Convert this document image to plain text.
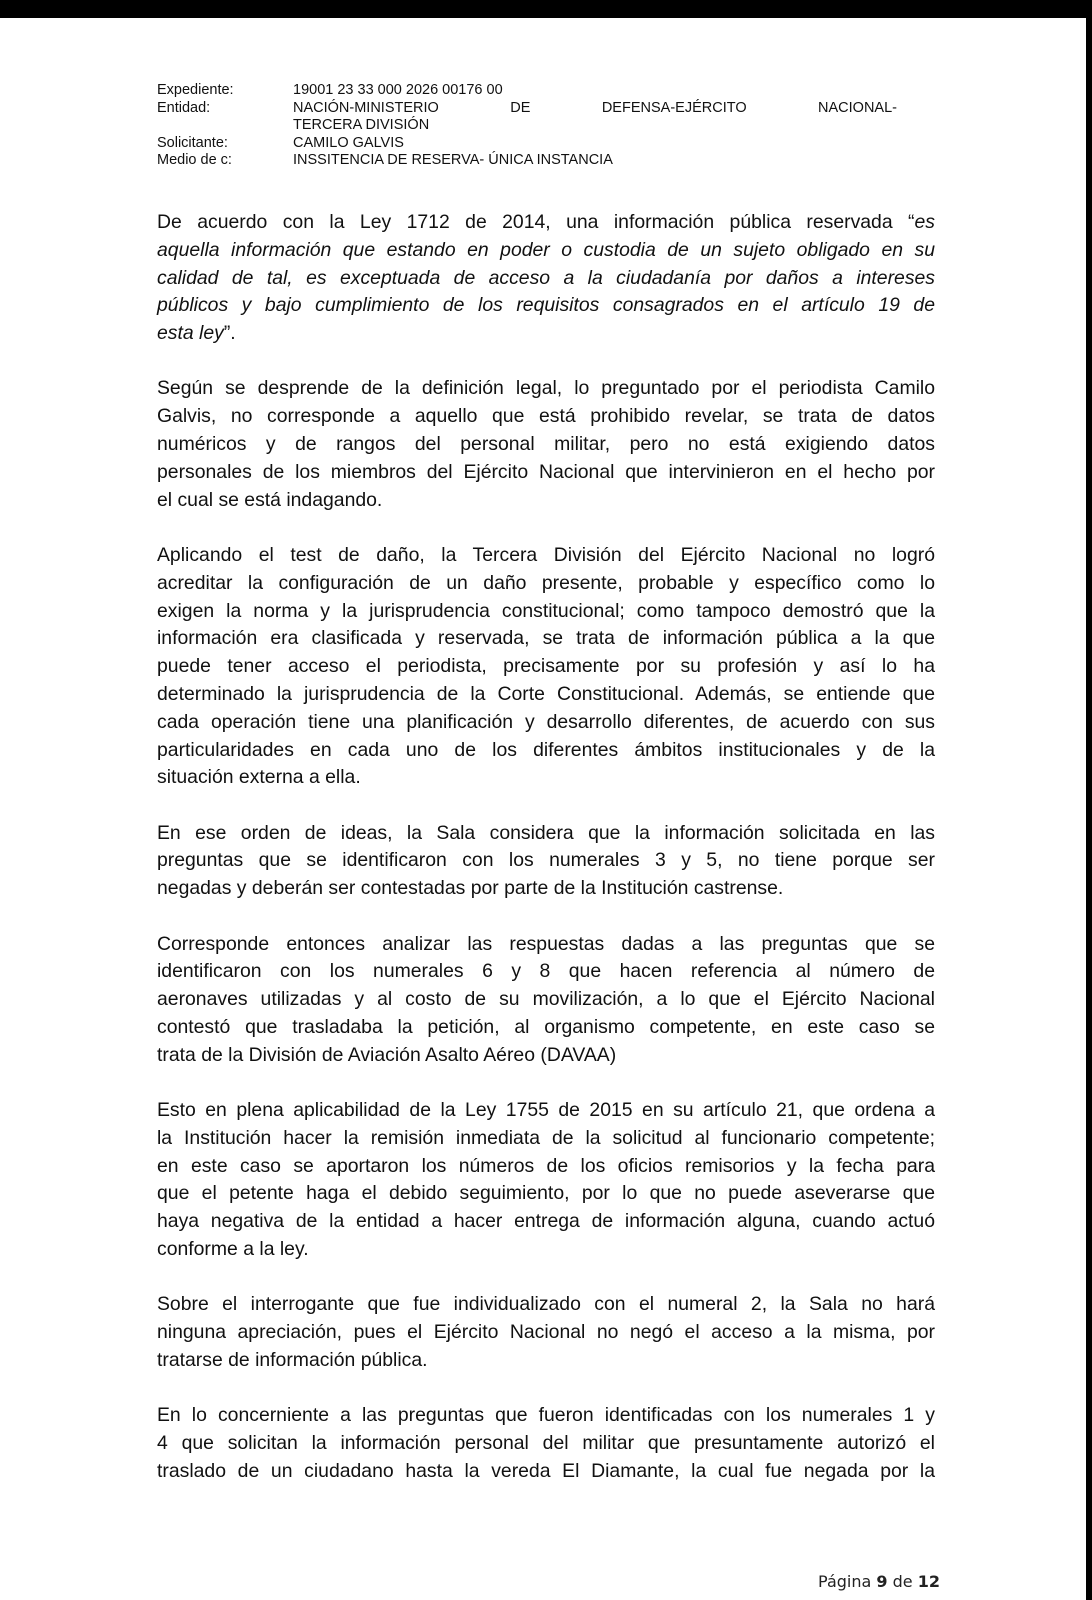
Expediente:	19001 23 33 000 2026 00176 00
Entidad:	NACIÓN-MINISTERIO DE DEFENSA-EJÉRCITO NACIONAL-
TERCERA DIVISIÓN
Solicitante:	CAMILO GALVIS
Medio de c:	INSSITENCIA DE RESERVA- ÚNICA INSTANCIA

De acuerdo con la Ley 1712 de 2014, una información pública reservada “es
aquella información que estando en poder o custodia de un sujeto obligado en su
calidad de tal, es exceptuada de acceso a la ciudadanía por daños a intereses
públicos y bajo cumplimiento de los requisitos consagrados en el artículo 19 de
esta ley”.

Según se desprende de la definición legal, lo preguntado por el periodista Camilo
Galvis, no corresponde a aquello que está prohibido revelar, se trata de datos
numéricos y de rangos del personal militar, pero no está exigiendo datos
personales de los miembros del Ejército Nacional que intervinieron en el hecho por
el cual se está indagando.

Aplicando el test de daño, la Tercera División del Ejército Nacional no logró
acreditar la configuración de un daño presente, probable y específico como lo
exigen la norma y la jurisprudencia constitucional; como tampoco demostró que la
información era clasificada y reservada, se trata de información pública a la que
puede tener acceso el periodista, precisamente por su profesión y así lo ha
determinado la jurisprudencia de la Corte Constitucional. Además, se entiende que
cada operación tiene una planificación y desarrollo diferentes, de acuerdo con sus
particularidades en cada uno de los diferentes ámbitos institucionales y de la
situación externa a ella.

En ese orden de ideas, la Sala considera que la información solicitada en las
preguntas que se identificaron con los numerales 3 y 5, no tiene porque ser
negadas y deberán ser contestadas por parte de la Institución castrense.

Corresponde entonces analizar las respuestas dadas a las preguntas que se
identificaron con los numerales 6 y 8 que hacen referencia al número de
aeronaves utilizadas y al costo de su movilización, a lo que el Ejército Nacional
contestó que trasladaba la petición, al organismo competente, en este caso se
trata de la División de Aviación Asalto Aéreo (DAVAA)

Esto en plena aplicabilidad de la Ley 1755 de 2015 en su artículo 21, que ordena a
la Institución hacer la remisión inmediata de la solicitud al funcionario competente;
en este caso se aportaron los números de los oficios remisorios y la fecha para
que el petente haga el debido seguimiento, por lo que no puede aseverarse que
haya negativa de la entidad a hacer entrega de información alguna, cuando actuó
conforme a la ley.

Sobre el interrogante que fue individualizado con el numeral 2, la Sala no hará
ninguna apreciación, pues el Ejército Nacional no negó el acceso a la misma, por
tratarse de información pública.

En lo concerniente a las preguntas que fueron identificadas con los numerales 1 y
4 que solicitan la información personal del militar que presuntamente autorizó el
traslado de un ciudadano hasta la vereda El Diamante, la cual fue negada por la

Página 9 de 12
